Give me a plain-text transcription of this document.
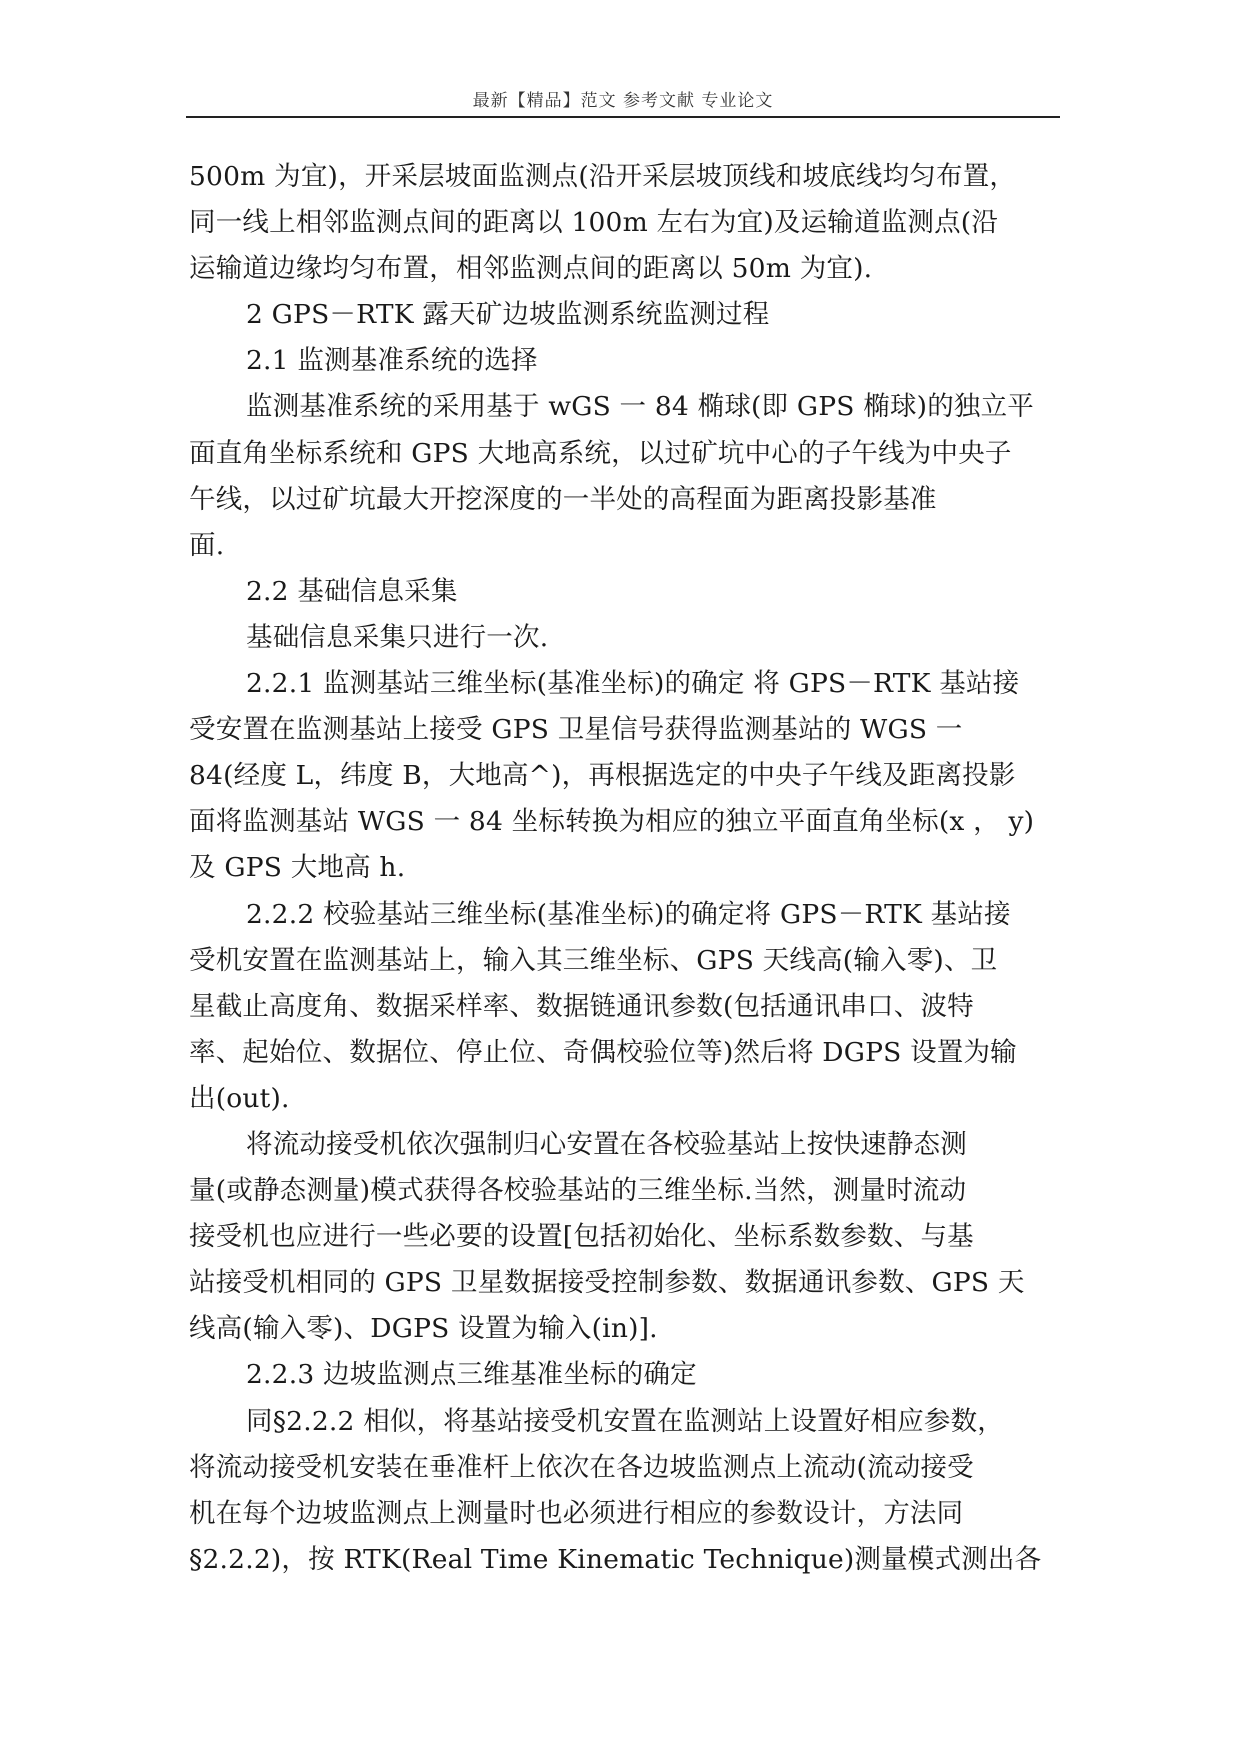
最新【精品】范文 参考文献 专业论文
500m 为宜)，开采层坡面监测点(沿开采层坡顶线和坡底线均匀布置，
同一线上相邻监测点间的距离以 100m 左右为宜)及运输道监测点(沿
运输道边缘均匀布置，相邻监测点间的距离以 50m 为宜).
2 GPS－RTK 露天矿边坡监测系统监测过程
2.1 监测基准系统的选择
监测基准系统的采用基于 wGS 一 84 椭球(即 GPS 椭球)的独立平
面直角坐标系统和 GPS 大地高系统，以过矿坑中心的子午线为中央子
午线，以过矿坑最大开挖深度的一半处的高程面为距离投影基准
面.
2.2 基础信息采集
基础信息采集只进行一次.
2.2.1 监测基站三维坐标(基准坐标)的确定 将 GPS－RTK 基站接
受安置在监测基站上接受 GPS 卫星信号获得监测基站的 WGS 一
84(经度 L，纬度 B，大地高^)，再根据选定的中央子午线及距离投影
面将监测基站 WGS 一 84 坐标转换为相应的独立平面直角坐标(x ， y)
及 GPS 大地高 h.
2.2.2 校验基站三维坐标(基准坐标)的确定将 GPS－RTK 基站接
受机安置在监测基站上，输入其三维坐标、GPS 天线高(输入零)、卫
星截止高度角、数据采样率、数据链通讯参数(包括通讯串口、波特
率、起始位、数据位、停止位、奇偶校验位等)然后将 DGPS 设置为输
出(out).
将流动接受机依次强制归心安置在各校验基站上按快速静态测
量(或静态测量)模式获得各校验基站的三维坐标.当然，测量时流动
接受机也应进行一些必要的设置[包括初始化、坐标系数参数、与基
站接受机相同的 GPS 卫星数据接受控制参数、数据通讯参数、GPS 天
线高(输入零)、DGPS 设置为输入(in)].
2.2.3 边坡监测点三维基准坐标的确定
同§2.2.2 相似，将基站接受机安置在监测站上设置好相应参数，
将流动接受机安装在垂准杆上依次在各边坡监测点上流动(流动接受
机在每个边坡监测点上测量时也必须进行相应的参数设计，方法同
§2.2.2)，按 RTK(Real Time Kinematic Technique)测量模式测出各
